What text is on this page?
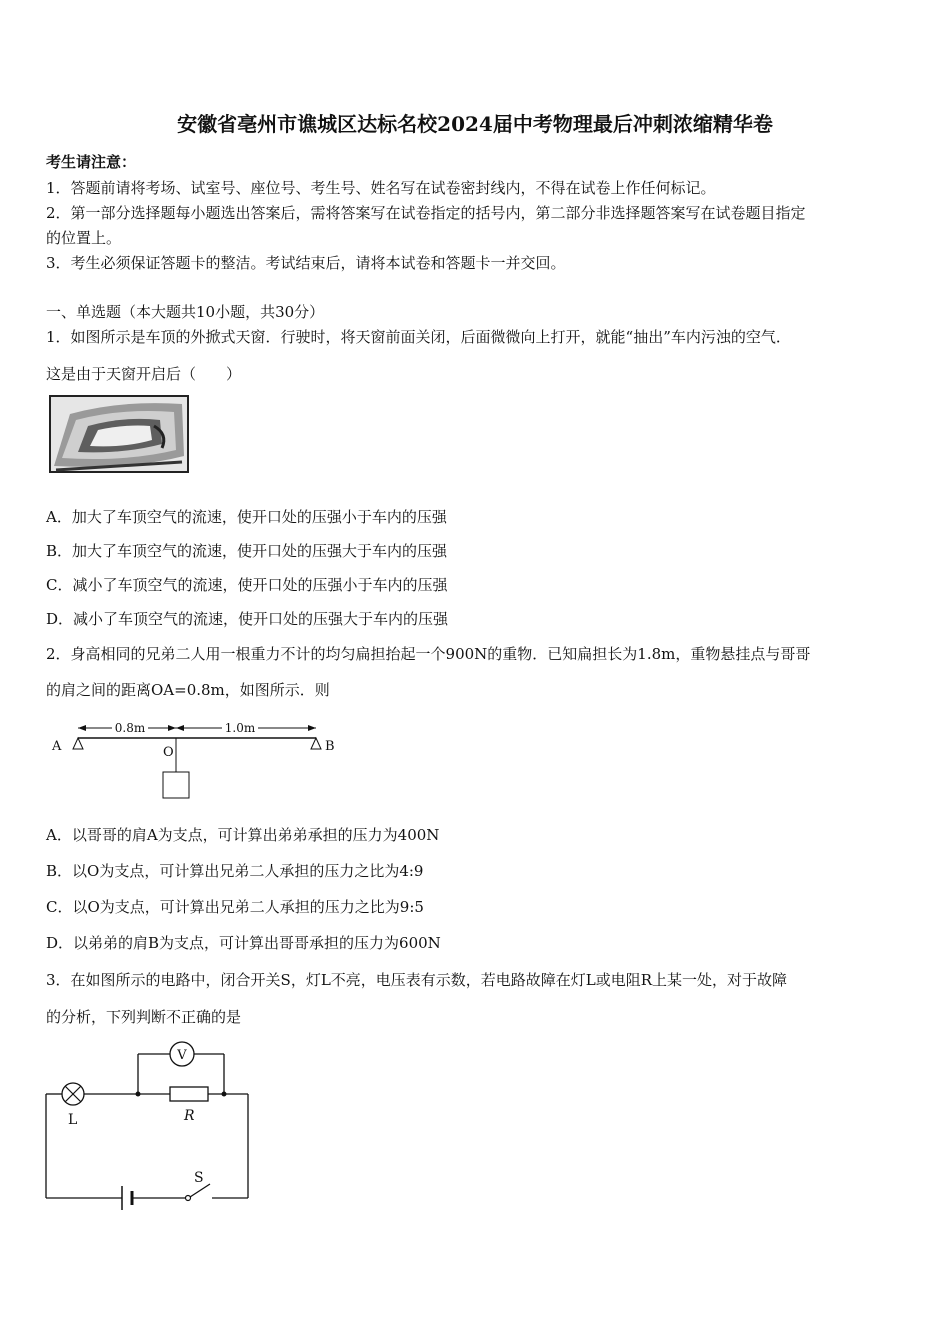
安徽省亳州市谯城区达标名校2024届中考物理最后冲刺浓缩精华卷
考生请注意：
1．答题前请将考场、试室号、座位号、考生号、姓名写在试卷密封线内，不得在试卷上作任何标记。
2．第一部分选择题每小题选出答案后，需将答案写在试卷指定的括号内，第二部分非选择题答案写在试卷题目指定
的位置上。
3．考生必须保证答题卡的整洁。考试结束后，请将本试卷和答题卡一并交回。
一、单选题（本大题共10小题，共30分）
1．如图所示是车顶的外掀式天窗．行驶时，将天窗前面关闭，后面微微向上打开，就能“抽出”车内污浊的空气．
这是由于天窗开启后（　　）
A．加大了车顶空气的流速，使开口处的压强小于车内的压强
B．加大了车顶空气的流速，使开口处的压强大于车内的压强
C．减小了车顶空气的流速，使开口处的压强小于车内的压强
D．减小了车顶空气的流速，使开口处的压强大于车内的压强
2．身高相同的兄弟二人用一根重力不计的均匀扁担抬起一个900N的重物．已知扁担长为1.8m，重物悬挂点与哥哥
的肩之间的距离OA=0.8m，如图所示．则
0.8m	1.0m
A	O	B
A．以哥哥的肩A为支点，可计算出弟弟承担的压力为400N
B．以O为支点，可计算出兄弟二人承担的压力之比为4:9
C．以O为支点，可计算出兄弟二人承担的压力之比为9:5
D．以弟弟的肩B为支点，可计算出哥哥承担的压力为600N
3．在如图所示的电路中，闭合开关S，灯L不亮，电压表有示数，若电路故障在灯L或电阻R上某一处，对于故障
的分析，下列判断不正确的是
V
L	R
S
